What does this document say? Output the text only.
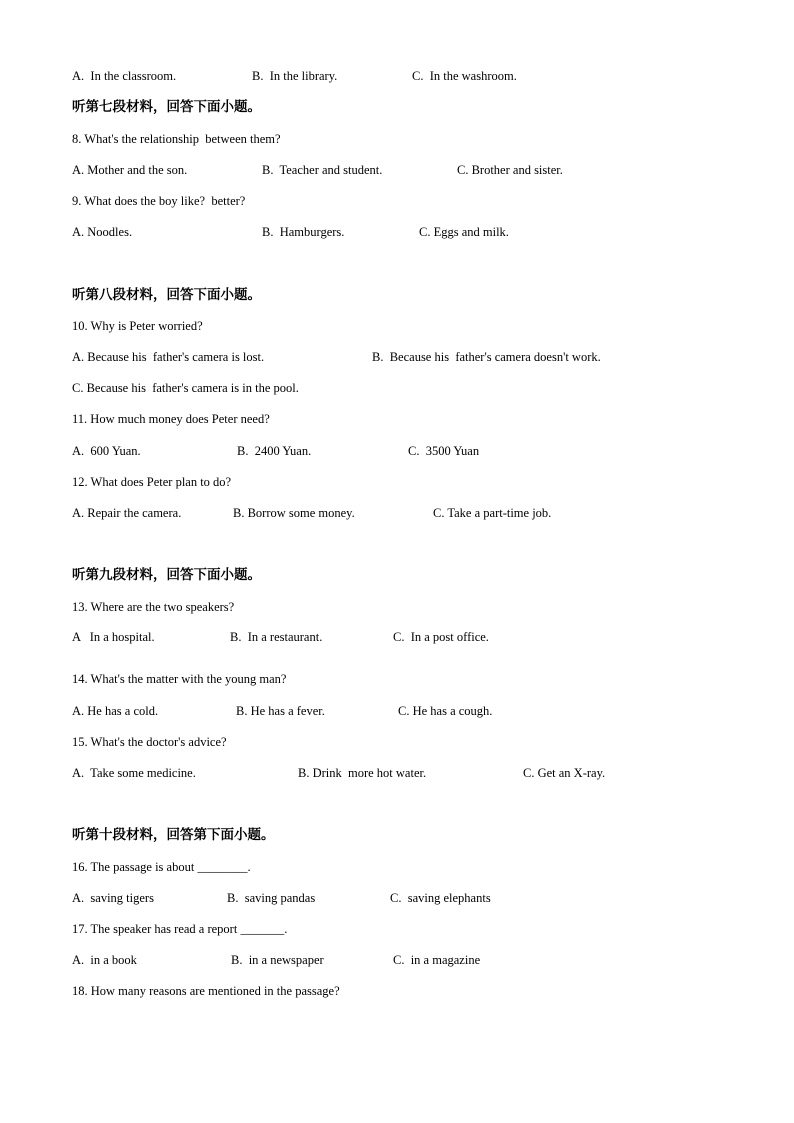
A.  In the classroom.	B.  In the library.	C.  In the washroom.
听第七段材料，回答下面小题。
8. What's the relationship  between them?
A. Mother and the son.	B.  Teacher and student.	C. Brother and sister.
9. What does the boy like?  better?
A. Noodles.	B.  Hamburgers.	C. Eggs and milk.
听第八段材料，回答下面小题。
10. Why is Peter worried?
A. Because his  father's camera is lost.	B.  Because his  father's camera doesn't work.
C. Because his  father's camera is in the pool.
11. How much money does Peter need?
A.  600 Yuan.	B.  2400 Yuan.	C.  3500 Yuan
12. What does Peter plan to do?
A. Repair the camera.	B. Borrow some money.	C. Take a part-time job.
听第九段材料，回答下面小题。
13. Where are the two speakers?
A   In a hospital.	B.  In a restaurant.	C.  In a post office.
14. What's the matter with the young man?
A. He has a cold.	B. He has a fever.	C. He has a cough.
15. What's the doctor's advice?
A.  Take some medicine.	B. Drink  more hot water.	C. Get an X-ray.
听第十段材料，回答第下面小题。
16. The passage is about ________.
A.  saving tigers	B.  saving pandas	C.  saving elephants
17. The speaker has read a report _______.
A.  in a book	B.  in a newspaper	C.  in a magazine
18. How many reasons are mentioned in the passage?
